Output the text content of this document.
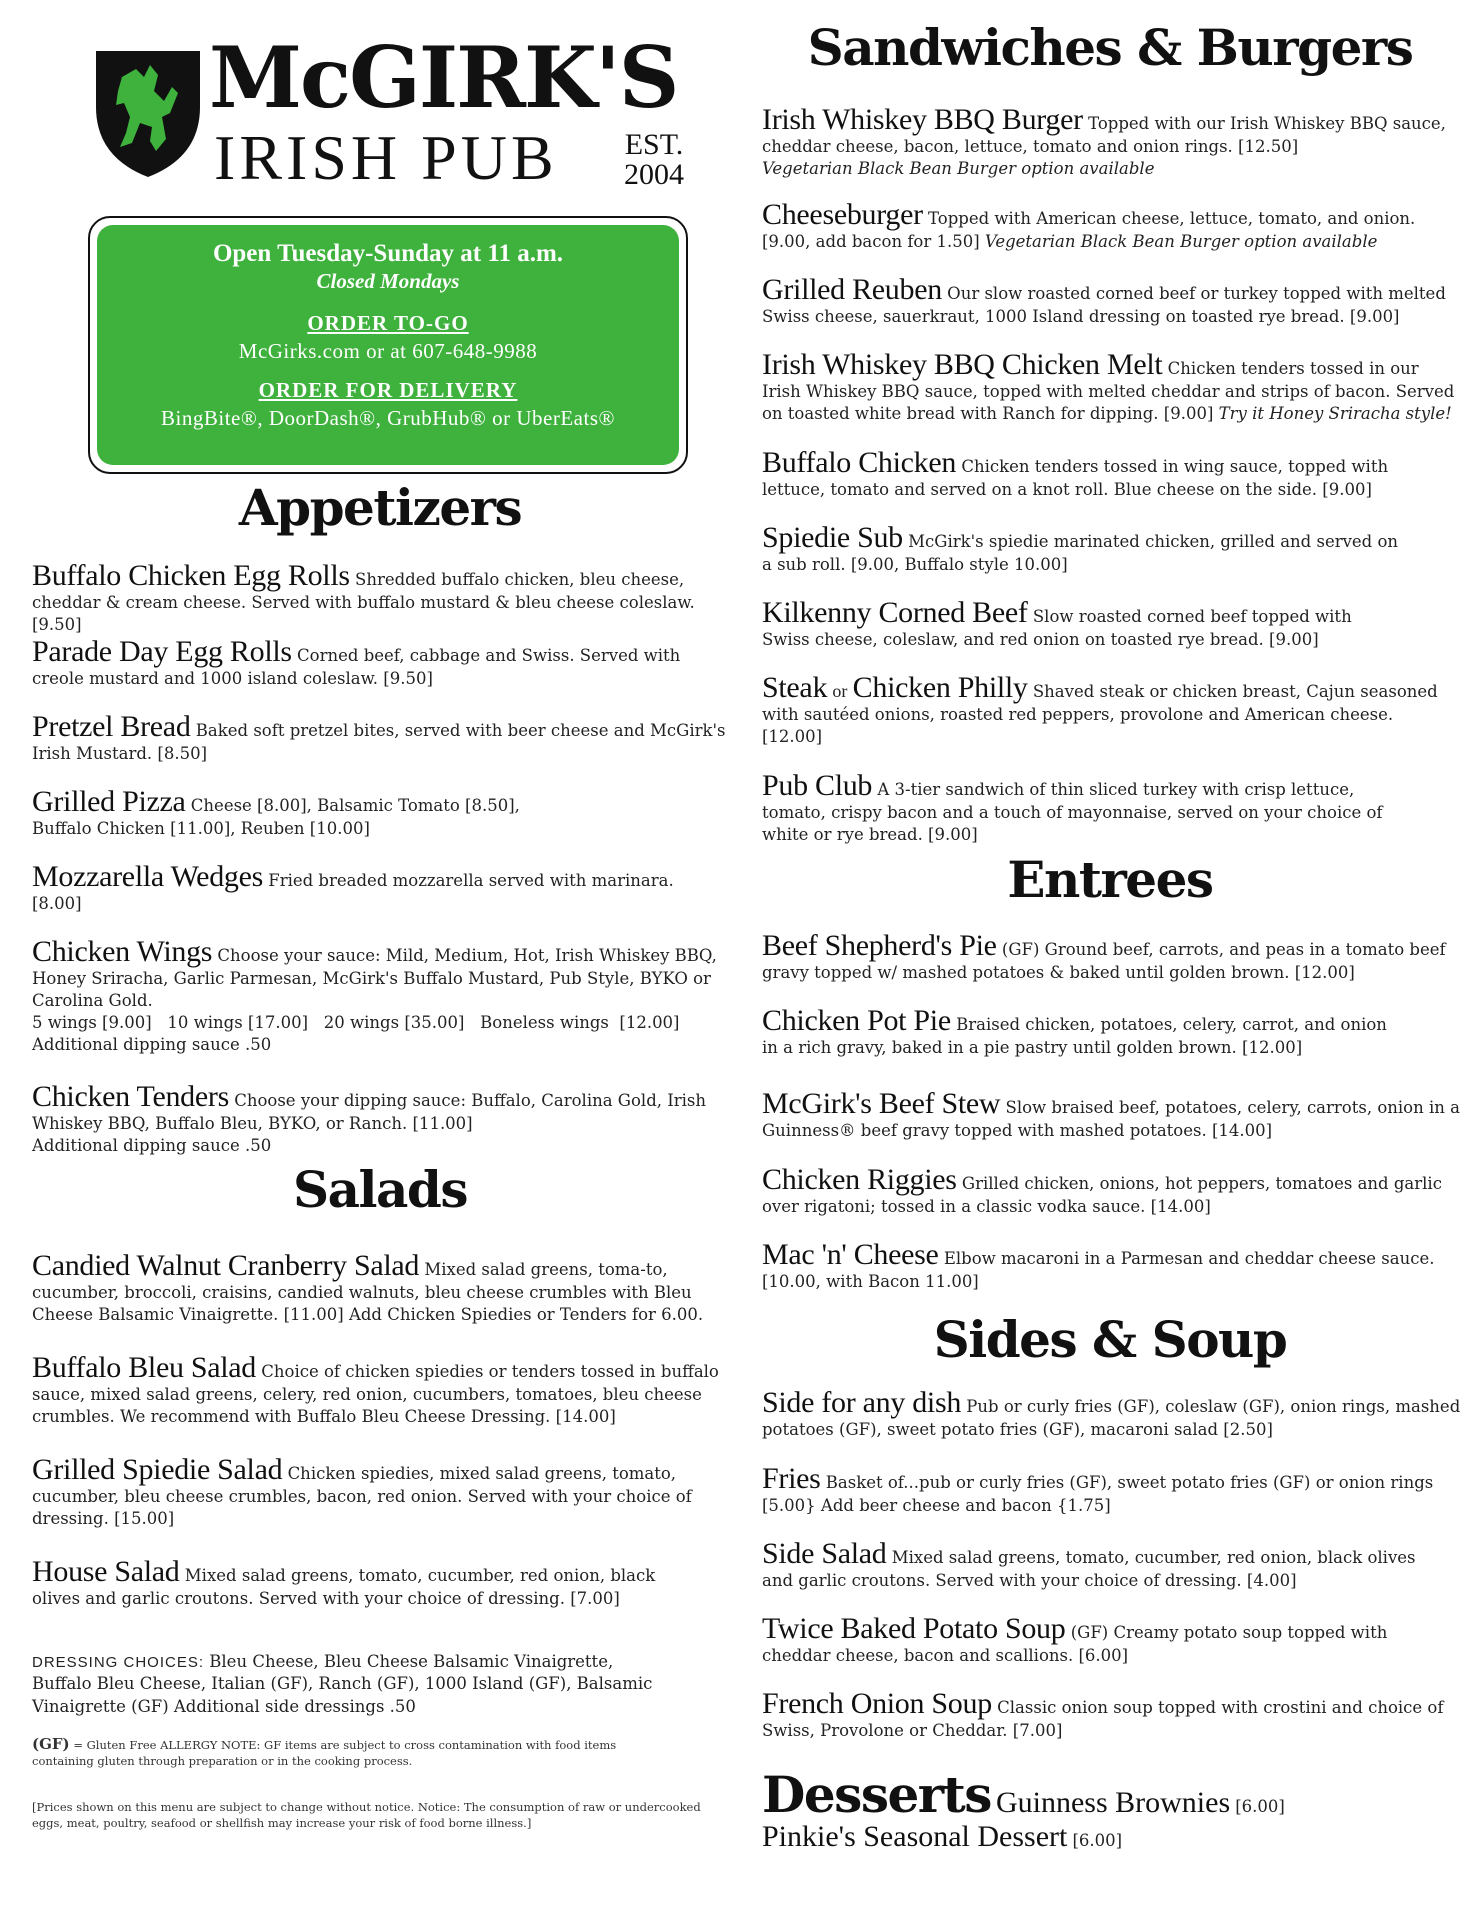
McGIRK'S
IRISH PUB EST.
2004
Open Tuesday-Sunday at 11 a.m.
Closed Mondays
ORDER TO-GO
McGirks.com or at 607-648-9988
ORDER FOR DELIVERY
BingBite®, DoorDash®, GrubHub® or UberEats®
Appetizers
Buffalo Chicken Egg Rolls Shredded buffalo chicken, bleu cheese, cheddar & cream cheese. Served with buffalo mustard & bleu cheese coleslaw. [9.50]
Parade Day Egg Rolls Corned beef, cabbage and Swiss. Served with creole mustard and 1000 island coleslaw. [9.50]
Pretzel Bread Baked soft pretzel bites, served with beer cheese and McGirk's Irish Mustard. [8.50]
Grilled Pizza Cheese [8.00], Balsamic Tomato [8.50],
Buffalo Chicken [11.00], Reuben [10.00]
Mozzarella Wedges Fried breaded mozzarella served with marinara. [8.00]
Chicken Wings Choose your sauce: Mild, Medium, Hot, Irish Whiskey BBQ, Honey Sriracha, Garlic Parmesan, McGirk's Buffalo Mustard, Pub Style, BYKO or Carolina Gold.
5 wings [9.00]   10 wings [17.00]   20 wings [35.00]   Boneless wings  [12.00]
Additional dipping sauce .50
Chicken Tenders Choose your dipping sauce: Buffalo, Carolina Gold, Irish Whiskey BBQ, Buffalo Bleu, BYKO, or Ranch. [11.00]
Additional dipping sauce .50
Salads
Candied Walnut Cranberry Salad Mixed salad greens, toma-to, cucumber, broccoli, craisins, candied walnuts, bleu cheese crumbles with Bleu Cheese Balsamic Vinaigrette. [11.00] Add Chicken Spiedies or Tenders for 6.00.
Buffalo Bleu Salad Choice of chicken spiedies or tenders tossed in buffalo sauce, mixed salad greens, celery, red onion, cucumbers, tomatoes, bleu cheese crumbles. We recommend with Buffalo Bleu Cheese Dressing. [14.00]
Grilled Spiedie Salad Chicken spiedies, mixed salad greens, tomato, cucumber, bleu cheese crumbles, bacon, red onion. Served with your choice of dressing. [15.00]
House Salad Mixed salad greens, tomato, cucumber, red onion, black olives and garlic croutons. Served with your choice of dressing. [7.00]
DRESSING CHOICES: Bleu Cheese, Bleu Cheese Balsamic Vinaigrette, Buffalo Bleu Cheese, Italian (GF), Ranch (GF), 1000 Island (GF), Balsamic Vinaigrette (GF) Additional side dressings .50
(GF) = Gluten Free ALLERGY NOTE: GF items are subject to cross contamination with food items containing gluten through preparation or in the cooking process.
[Prices shown on this menu are subject to change without notice. Notice: The consumption of raw or undercooked eggs, meat, poultry, seafood or shellfish may increase your risk of food borne illness.]
Sandwiches & Burgers
Irish Whiskey BBQ Burger Topped with our Irish Whiskey BBQ sauce, cheddar cheese, bacon, lettuce, tomato and onion rings. [12.50]
Vegetarian Black Bean Burger option available
Cheeseburger Topped with American cheese, lettuce, tomato, and onion. [9.00, add bacon for 1.50] Vegetarian Black Bean Burger option available
Grilled Reuben Our slow roasted corned beef or turkey topped with melted Swiss cheese, sauerkraut, 1000 Island dressing on toasted rye bread. [9.00]
Irish Whiskey BBQ Chicken Melt Chicken tenders tossed in our Irish Whiskey BBQ sauce, topped with melted cheddar and strips of bacon. Served on toasted white bread with Ranch for dipping. [9.00] Try it Honey Sriracha style!
Buffalo Chicken Chicken tenders tossed in wing sauce, topped with lettuce, tomato and served on a knot roll. Blue cheese on the side. [9.00]
Spiedie Sub McGirk's spiedie marinated chicken, grilled and served on a sub roll. [9.00, Buffalo style 10.00]
Kilkenny Corned Beef Slow roasted corned beef topped with Swiss cheese, coleslaw, and red onion on toasted rye bread. [9.00]
Steak or Chicken Philly Shaved steak or chicken breast, Cajun seasoned with sautéed onions, roasted red peppers, provolone and American cheese. [12.00]
Pub Club A 3-tier sandwich of thin sliced turkey with crisp lettuce, tomato, crispy bacon and a touch of mayonnaise, served on your choice of white or rye bread. [9.00]
Entrees
Beef Shepherd's Pie (GF) Ground beef, carrots, and peas in a tomato beef gravy topped w/ mashed potatoes & baked until golden brown. [12.00]
Chicken Pot Pie Braised chicken, potatoes, celery, carrot, and onion in a rich gravy, baked in a pie pastry until golden brown. [12.00]
McGirk's Beef Stew Slow braised beef, potatoes, celery, carrots, onion in a Guinness® beef gravy topped with mashed potatoes. [14.00]
Chicken Riggies Grilled chicken, onions, hot peppers, tomatoes and garlic over rigatoni; tossed in a classic vodka sauce. [14.00]
Mac 'n' Cheese Elbow macaroni in a Parmesan and cheddar cheese sauce. [10.00, with Bacon 11.00]
Sides & Soup
Side for any dish Pub or curly fries (GF), coleslaw (GF), onion rings, mashed potatoes (GF), sweet potato fries (GF), macaroni salad [2.50]
Fries Basket of...pub or curly fries (GF), sweet potato fries (GF) or onion rings [5.00} Add beer cheese and bacon {1.75]
Side Salad Mixed salad greens, tomato, cucumber, red onion, black olives and garlic croutons. Served with your choice of dressing. [4.00]
Twice Baked Potato Soup (GF) Creamy potato soup topped with cheddar cheese, bacon and scallions. [6.00]
French Onion Soup Classic onion soup topped with crostini and choice of Swiss, Provolone or Cheddar. [7.00]
Desserts Guinness Brownies [6.00]
Pinkie's Seasonal Dessert [6.00]
